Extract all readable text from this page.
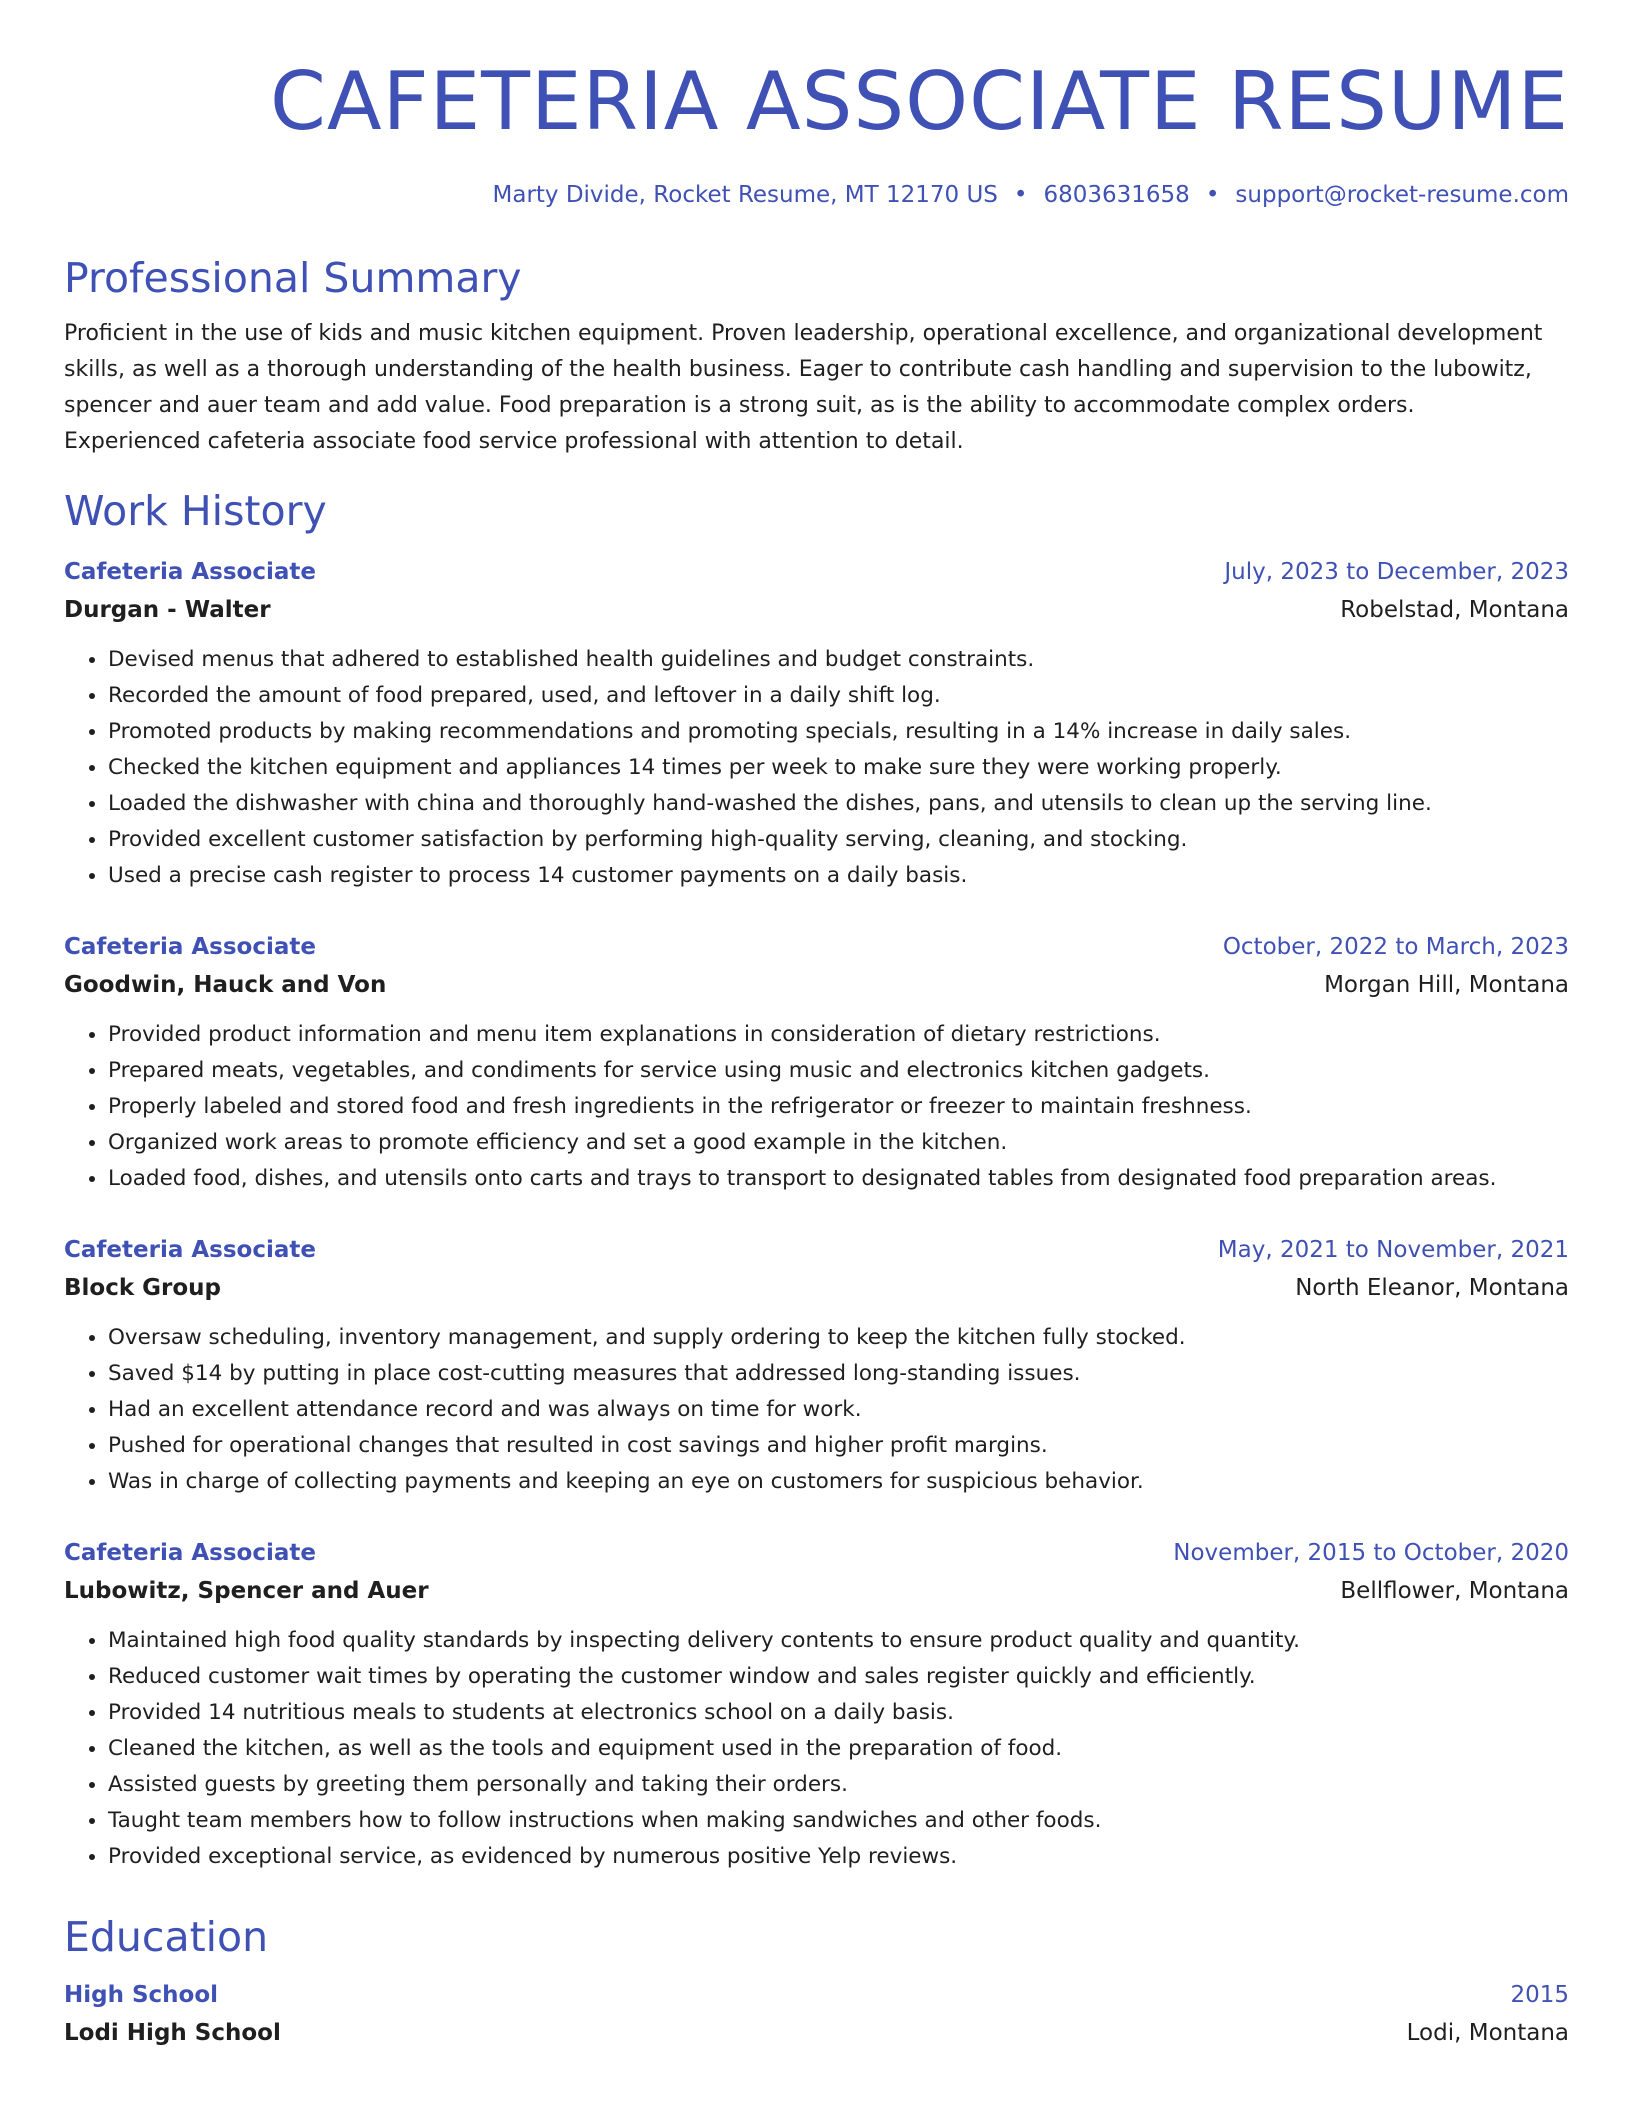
CAFETERIA ASSOCIATE RESUME
Marty Divide, Rocket Resume, MT 12170 US • 6803631658 • support@rocket-resume.com
Professional Summary
Proficient in the use of kids and music kitchen equipment. Proven leadership, operational excellence, and organizational development skills, as well as a thorough understanding of the health business. Eager to contribute cash handling and supervision to the lubowitz, spencer and auer team and add value. Food preparation is a strong suit, as is the ability to accommodate complex orders. Experienced cafeteria associate food service professional with attention to detail.
Work History
Cafeteria Associate	July, 2023 to December, 2023
Durgan - Walter	Robelstad, Montana
• Devised menus that adhered to established health guidelines and budget constraints.
• Recorded the amount of food prepared, used, and leftover in a daily shift log.
• Promoted products by making recommendations and promoting specials, resulting in a 14% increase in daily sales.
• Checked the kitchen equipment and appliances 14 times per week to make sure they were working properly.
• Loaded the dishwasher with china and thoroughly hand-washed the dishes, pans, and utensils to clean up the serving line.
• Provided excellent customer satisfaction by performing high-quality serving, cleaning, and stocking.
• Used a precise cash register to process 14 customer payments on a daily basis.
Cafeteria Associate	October, 2022 to March, 2023
Goodwin, Hauck and Von	Morgan Hill, Montana
• Provided product information and menu item explanations in consideration of dietary restrictions.
• Prepared meats, vegetables, and condiments for service using music and electronics kitchen gadgets.
• Properly labeled and stored food and fresh ingredients in the refrigerator or freezer to maintain freshness.
• Organized work areas to promote efficiency and set a good example in the kitchen.
• Loaded food, dishes, and utensils onto carts and trays to transport to designated tables from designated food preparation areas.
Cafeteria Associate	May, 2021 to November, 2021
Block Group	North Eleanor, Montana
• Oversaw scheduling, inventory management, and supply ordering to keep the kitchen fully stocked.
• Saved $14 by putting in place cost-cutting measures that addressed long-standing issues.
• Had an excellent attendance record and was always on time for work.
• Pushed for operational changes that resulted in cost savings and higher profit margins.
• Was in charge of collecting payments and keeping an eye on customers for suspicious behavior.
Cafeteria Associate	November, 2015 to October, 2020
Lubowitz, Spencer and Auer	Bellflower, Montana
• Maintained high food quality standards by inspecting delivery contents to ensure product quality and quantity.
• Reduced customer wait times by operating the customer window and sales register quickly and efficiently.
• Provided 14 nutritious meals to students at electronics school on a daily basis.
• Cleaned the kitchen, as well as the tools and equipment used in the preparation of food.
• Assisted guests by greeting them personally and taking their orders.
• Taught team members how to follow instructions when making sandwiches and other foods.
• Provided exceptional service, as evidenced by numerous positive Yelp reviews.
Education
High School	2015
Lodi High School	Lodi, Montana
